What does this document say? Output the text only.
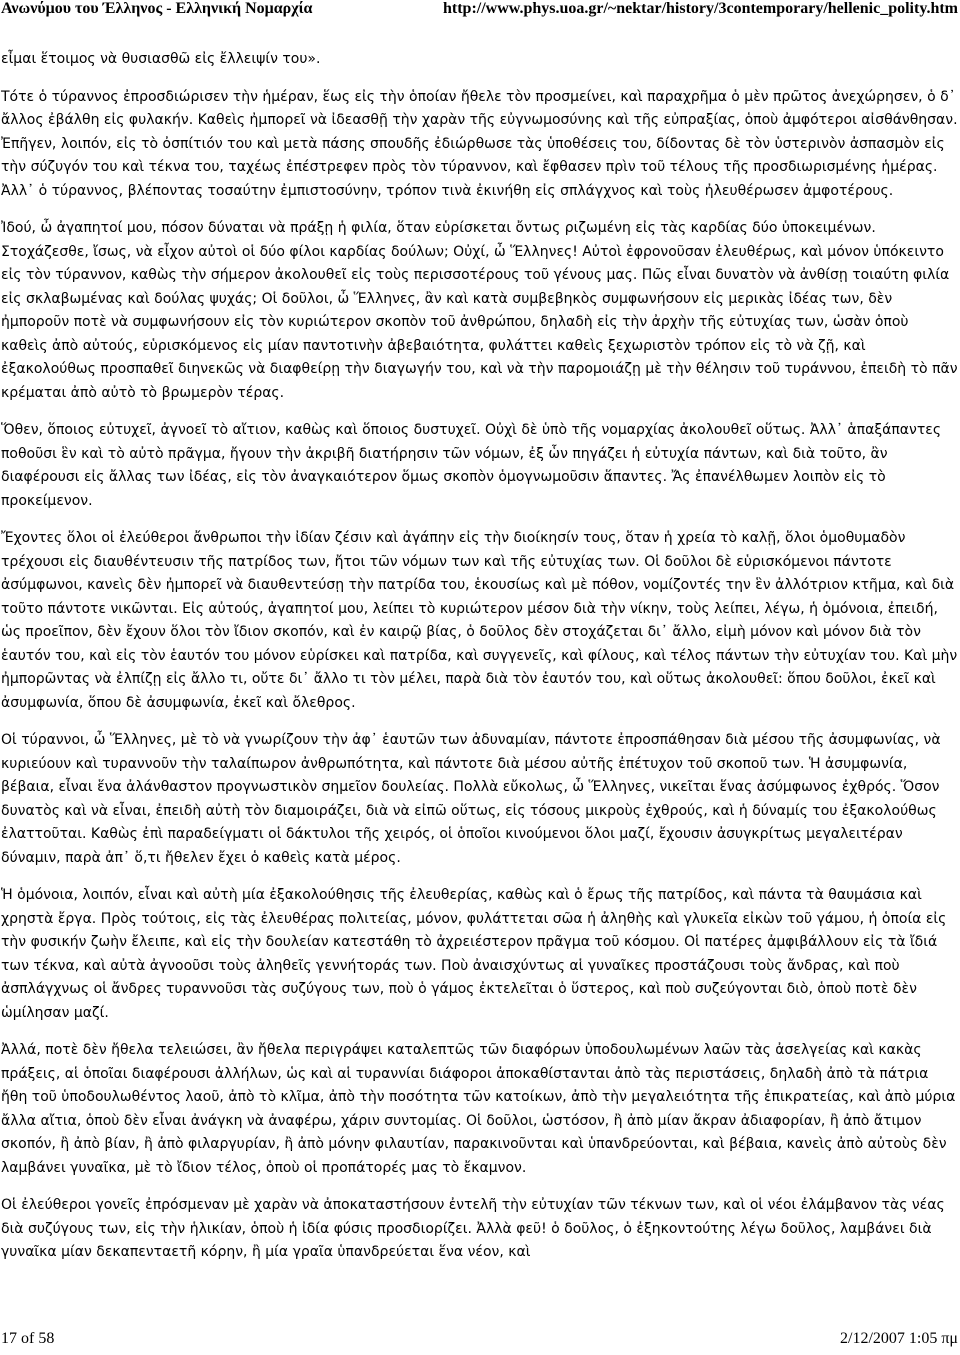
Ανωνύμου του Έλληνος - Ελληνική Νομαρχία	http://www.phys.uoa.gr/~nektar/history/3contemporary/hellenic_polity.htm

εἶμαι ἕτοιμος νὰ θυσιασθῶ εἰς ἔλλειψίν του».

Τότε ὁ τύραννος ἐπροσδιώρισεν τὴν ἡμέραν, ἕως εἰς τὴν ὁποίαν ἤθελε τὸν προσμείνει, καὶ παραχρῆμα ὁ μὲν πρῶτος ἀνεχώρησεν, ὁ δ᾿ ἄλλος ἐβάλθη εἰς φυλακήν. Καθεὶς ἠμπορεῖ νὰ ἰδεασθῇ τὴν χαρὰν τῆς εὐγνωμοσύνης καὶ τῆς εὐπραξίας, ὁποὺ ἀμφότεροι αἰσθάνθησαν. Ἐπῆγεν, λοιπόν, εἰς τὸ ὀσπίτιόν του καὶ μετὰ πάσης σπουδῆς ἐδιώρθωσε τὰς ὑποθέσεις του, δίδοντας δὲ τὸν ὑστερινὸν ἀσπασμὸν εἰς τὴν σύζυγόν του καὶ τέκνα του, ταχέως ἐπέστρεφεν πρὸς τὸν τύραννον, καὶ ἔφθασεν πρὶν τοῦ τέλους τῆς προσδιωρισμένης ἡμέρας. Ἀλλ᾿ ὁ τύραννος, βλέποντας τοσαύτην ἐμπιστοσύνην, τρόπον τινὰ ἐκινήθη εἰς σπλάγχνος καὶ τοὺς ἠλευθέρωσεν ἀμφοτέρους.

Ἰδού, ὦ ἀγαπητοί μου, πόσον δύναται νὰ πράξῃ ἡ φιλία, ὅταν εὑρίσκεται ὄντως ριζωμένη εἰς τὰς καρδίας δύο ὑποκειμένων. Στοχάζεσθε, ἴσως, νὰ εἶχον αὐτοὶ οἱ δύο φίλοι καρδίας δούλων; Οὐχί, ὦ Ἕλληνες! Αὐτοὶ ἐφρονοῦσαν ἐλευθέρως, καὶ μόνον ὑπόκειντο εἰς τὸν τύραννον, καθὼς τὴν σήμερον ἀκολουθεῖ εἰς τοὺς περισσοτέρους τοῦ γένους μας. Πῶς εἶναι δυνατὸν νὰ ἀνθίσῃ τοιαύτη φιλία εἰς σκλαβωμένας καὶ δούλας ψυχάς; Οἱ δοῦλοι, ὦ Ἕλληνες, ἂν καὶ κατὰ συμβεβηκὸς συμφωνήσουν εἰς μερικὰς ἰδέας των, δὲν ἠμποροῦν ποτὲ νὰ συμφωνήσουν εἰς τὸν κυριώτερον σκοπὸν τοῦ ἀνθρώπου, δηλαδὴ εἰς τὴν ἀρχὴν τῆς εὐτυχίας των, ὡσὰν ὁποὺ καθεὶς ἀπὸ αὐτούς, εὑρισκόμενος εἰς μίαν παντοτινὴν ἀβεβαιότητα, φυλάττει καθεὶς ξεχωριστὸν τρόπον εἰς τὸ νὰ ζῇ, καὶ ἐξακολούθως προσπαθεῖ διηνεκῶς νὰ διαφθείρῃ τὴν διαγωγήν του, καὶ νὰ τὴν παρομοιάζῃ μὲ τὴν θέλησιν τοῦ τυράννου, ἐπειδὴ τὸ πᾶν κρέμαται ἀπὸ αὐτὸ τὸ βρωμερὸν τέρας.

Ὅθεν, ὅποιος εὐτυχεῖ, ἀγνοεῖ τὸ αἴτιον, καθὼς καὶ ὅποιος δυστυχεῖ. Οὐχὶ δὲ ὑπὸ τῆς νομαρχίας ἀκολουθεῖ οὕτως. Ἀλλ᾿ ἁπαξάπαντες ποθοῦσι ἓν καὶ τὸ αὐτὸ πρᾶγμα, ἤγουν τὴν ἀκριβῆ διατήρησιν τῶν νόμων, ἐξ ὧν πηγάζει ἡ εὐτυχία πάντων, καὶ διὰ τοῦτο, ἂν διαφέρουσι εἰς ἄλλας των ἰδέας, εἰς τὸν ἀναγκαιότερον ὅμως σκοπὸν ὁμογνωμοῦσιν ἅπαντες. Ἄς ἐπανέλθωμεν λοιπὸν εἰς τὸ προκείμενον.

Ἔχοντες ὅλοι οἱ ἐλεύθεροι ἄνθρωποι τὴν ἰδίαν ζέσιν καὶ ἀγάπην εἰς τὴν διοίκησίν τους, ὅταν ἡ χρεία τὸ καλῇ, ὅλοι ὁμοθυμαδὸν τρέχουσι εἰς διαυθέντευσιν τῆς πατρίδος των, ἤτοι τῶν νόμων των καὶ τῆς εὐτυχίας των. Οἱ δοῦλοι δὲ εὑρισκόμενοι πάντοτε ἀσύμφωνοι, κανεὶς δὲν ἠμπορεῖ νὰ διαυθεντεύσῃ τὴν πατρίδα του, ἑκουσίως καὶ μὲ πόθον, νομίζοντές την ἓν ἀλλότριον κτῆμα, καὶ διὰ τοῦτο πάντοτε νικῶνται. Εἰς αὐτούς, ἀγαπητοί μου, λείπει τὸ κυριώτερον μέσον διὰ τὴν νίκην, τοὺς λείπει, λέγω, ἡ ὁμόνοια, ἐπειδή, ὡς προεῖπον, δὲν ἔχουν ὅλοι τὸν ἴδιον σκοπόν, καὶ ἐν καιρῷ βίας, ὁ δοῦλος δὲν στοχάζεται δι᾿ ἄλλο, εἰμὴ μόνον καὶ μόνον διὰ τὸν ἑαυτόν του, καὶ εἰς τὸν ἑαυτόν του μόνον εὑρίσκει καὶ πατρίδα, καὶ συγγενεῖς, καὶ φίλους, καὶ τέλος πάντων τὴν εὐτυχίαν του. Καὶ μὴν ἠμπορῶντας νὰ ἐλπίζῃ εἰς ἄλλο τι, οὔτε δι᾿ ἄλλο τι τὸν μέλει, παρὰ διὰ τὸν ἑαυτόν του, καὶ οὕτως ἀκολουθεῖ: ὅπου δοῦλοι, ἐκεῖ καὶ ἀσυμφωνία, ὅπου δὲ ἀσυμφωνία, ἐκεῖ καὶ ὄλεθρος.

Οἱ τύραννοι, ὦ Ἕλληνες, μὲ τὸ νὰ γνωρίζουν τὴν ἀφ᾿ ἑαυτῶν των ἀδυναμίαν, πάντοτε ἐπροσπάθησαν διὰ μέσου τῆς ἀσυμφωνίας, νὰ κυριεύουν καὶ τυραννοῦν τὴν ταλαίπωρον ἀνθρωπότητα, καὶ πάντοτε διὰ μέσου αὐτῆς ἐπέτυχον τοῦ σκοποῦ των. Ἡ ἀσυμφωνία, βέβαια, εἶναι ἕνα ἀλάνθαστον προγνωστικὸν σημεῖον δουλείας. Πολλὰ εὔκολως, ὦ Ἕλληνες, νικεῖται ἕνας ἀσύμφωνος ἐχθρός. Ὅσον δυνατὸς καὶ νὰ εἶναι, ἐπειδὴ αὐτὴ τὸν διαμοιράζει, διὰ νὰ εἰπῶ οὕτως, εἰς τόσους μικροὺς ἐχθρούς, καὶ ἡ δύναμίς του ἐξακολούθως ἐλαττοῦται. Καθὼς ἐπὶ παραδείγματι οἱ δάκτυλοι τῆς χειρός, οἱ ὁποῖοι κινούμενοι ὅλοι μαζί, ἔχουσιν ἀσυγκρίτως μεγαλειτέραν δύναμιν, παρὰ ἀπ᾿ ὅ,τι ἤθελεν ἔχει ὁ καθεὶς κατὰ μέρος.

Ἡ ὁμόνοια, λοιπόν, εἶναι καὶ αὐτὴ μία ἐξακολούθησις τῆς ἐλευθερίας, καθὼς καὶ ὁ ἔρως τῆς πατρίδος, καὶ πάντα τὰ θαυμάσια καὶ χρηστὰ ἔργα. Πρὸς τούτοις, εἰς τὰς ἐλευθέρας πολιτείας, μόνον, φυλάττεται σῶα ἡ ἀληθὴς καὶ γλυκεῖα εἰκὼν τοῦ γάμου, ἡ ὁποία εἰς τὴν φυσικήν ζωὴν ἔλειπε, καὶ εἰς τὴν δουλείαν κατεστάθη τὸ ἀχρειέστερον πρᾶγμα τοῦ κόσμου. Οἱ πατέρες ἀμφιβάλλουν εἰς τὰ ἴδιά των τέκνα, καὶ αὐτὰ ἀγνοοῦσι τοὺς ἀληθεῖς γεννήτοράς των. Ποὺ ἀναισχύντως αἱ γυναῖκες προστάζουσι τοὺς ἄνδρας, καὶ ποὺ ἀσπλάγχνως οἱ ἄνδρες τυραννοῦσι τὰς συζύγους των, ποὺ ὁ γάμος ἐκτελεῖται ὁ ὕστερος, καὶ ποὺ συζεύγονται διὸ, ὁποὺ ποτὲ δὲν ὡμίλησαν μαζί.

Ἀλλά, ποτὲ δὲν ἤθελα τελειώσει, ἂν ἤθελα περιγράψει καταλεπτῶς τῶν διαφόρων ὑποδουλωμένων λαῶν τὰς ἀσελγείας καὶ κακὰς πράξεις, αἱ ὁποῖαι διαφέρουσι ἀλλήλων, ὡς καὶ αἱ τυραννίαι διάφοροι ἀποκαθίστανται ἀπὸ τὰς περιστάσεις, δηλαδὴ ἀπὸ τὰ πάτρια ἤθη τοῦ ὑποδουλωθέντος λαοῦ, ἀπὸ τὸ κλῖμα, ἀπὸ τὴν ποσότητα τῶν κατοίκων, ἀπὸ τὴν μεγαλειότητα τῆς ἐπικρατείας, καὶ ἀπὸ μύρια ἄλλα αἴτια, ὁποὺ δὲν εἶναι ἀνάγκη νὰ ἀναφέρω, χάριν συντομίας. Οἱ δοῦλοι, ὡστόσον, ἢ ἀπὸ μίαν ἄκραν ἀδιαφορίαν, ἢ ἀπὸ ἄτιμον σκοπόν, ἢ ἀπὸ βίαν, ἢ ἀπὸ φιλαργυρίαν, ἢ ἀπὸ μόνην φιλαυτίαν, παρακινοῦνται καὶ ὑπανδρεύονται, καὶ βέβαια, κανεὶς ἀπὸ αὐτοὺς δὲν λαμβάνει γυναῖκα, μὲ τὸ ἴδιον τέλος, ὁποὺ οἱ προπάτορές μας τὸ ἔκαμνον.

Οἱ ἐλεύθεροι γονεῖς ἐπρόσμεναν μὲ χαρὰν νὰ ἀποκαταστήσουν ἐντελῆ τὴν εὐτυχίαν τῶν τέκνων των, καὶ οἱ νέοι ἐλάμβανον τὰς νέας διὰ συζύγους των, εἰς τὴν ἡλικίαν, ὁποὺ ἡ ἰδία φύσις προσδιορίζει. Ἀλλὰ φεῦ! ὁ δοῦλος, ὁ ἐξηκοντούτης λέγω δοῦλος, λαμβάνει διὰ γυναῖκα μίαν δεκαπενταετῆ κόρην, ἢ μία γραῖα ὑπανδρεύεται ἕνα νέον, καὶ

17 of 58	2/12/2007 1:05 πμ
